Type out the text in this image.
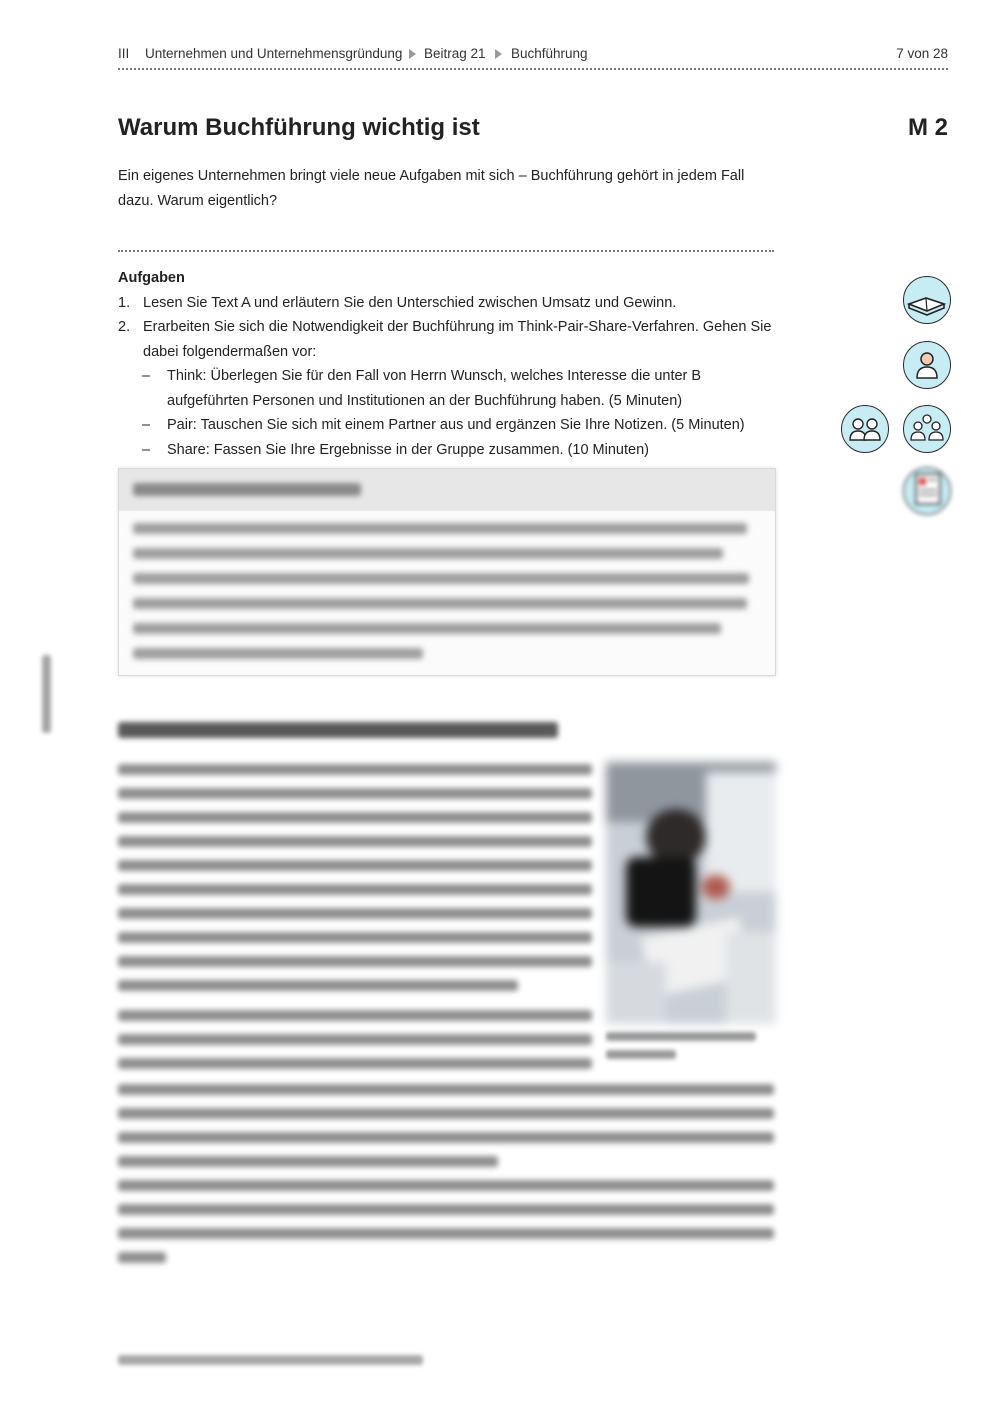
III Unternehmen und Unternehmensgründung Beitrag 21 Buchführung	7 von 28
Warum Buchführung wichtig ist	M 2
Ein eigenes Unternehmen bringt viele neue Aufgaben mit sich – Buchführung gehört in jedem Fall dazu. Warum eigentlich?
Aufgaben
1. Lesen Sie Text A und erläutern Sie den Unterschied zwischen Umsatz und Gewinn.
2. Erarbeiten Sie sich die Notwendigkeit der Buchführung im Think-Pair-Share-Verfahren. Gehen Sie dabei folgendermaßen vor:
– Think: Überlegen Sie für den Fall von Herrn Wunsch, welches Interesse die unter B aufgeführten Personen und Institutionen an der Buchführung haben. (5 Minuten)
– Pair: Tauschen Sie sich mit einem Partner aus und ergänzen Sie Ihre Notizen. (5 Minuten)
– Share: Fassen Sie Ihre Ergebnisse in der Gruppe zusammen. (10 Minuten)
